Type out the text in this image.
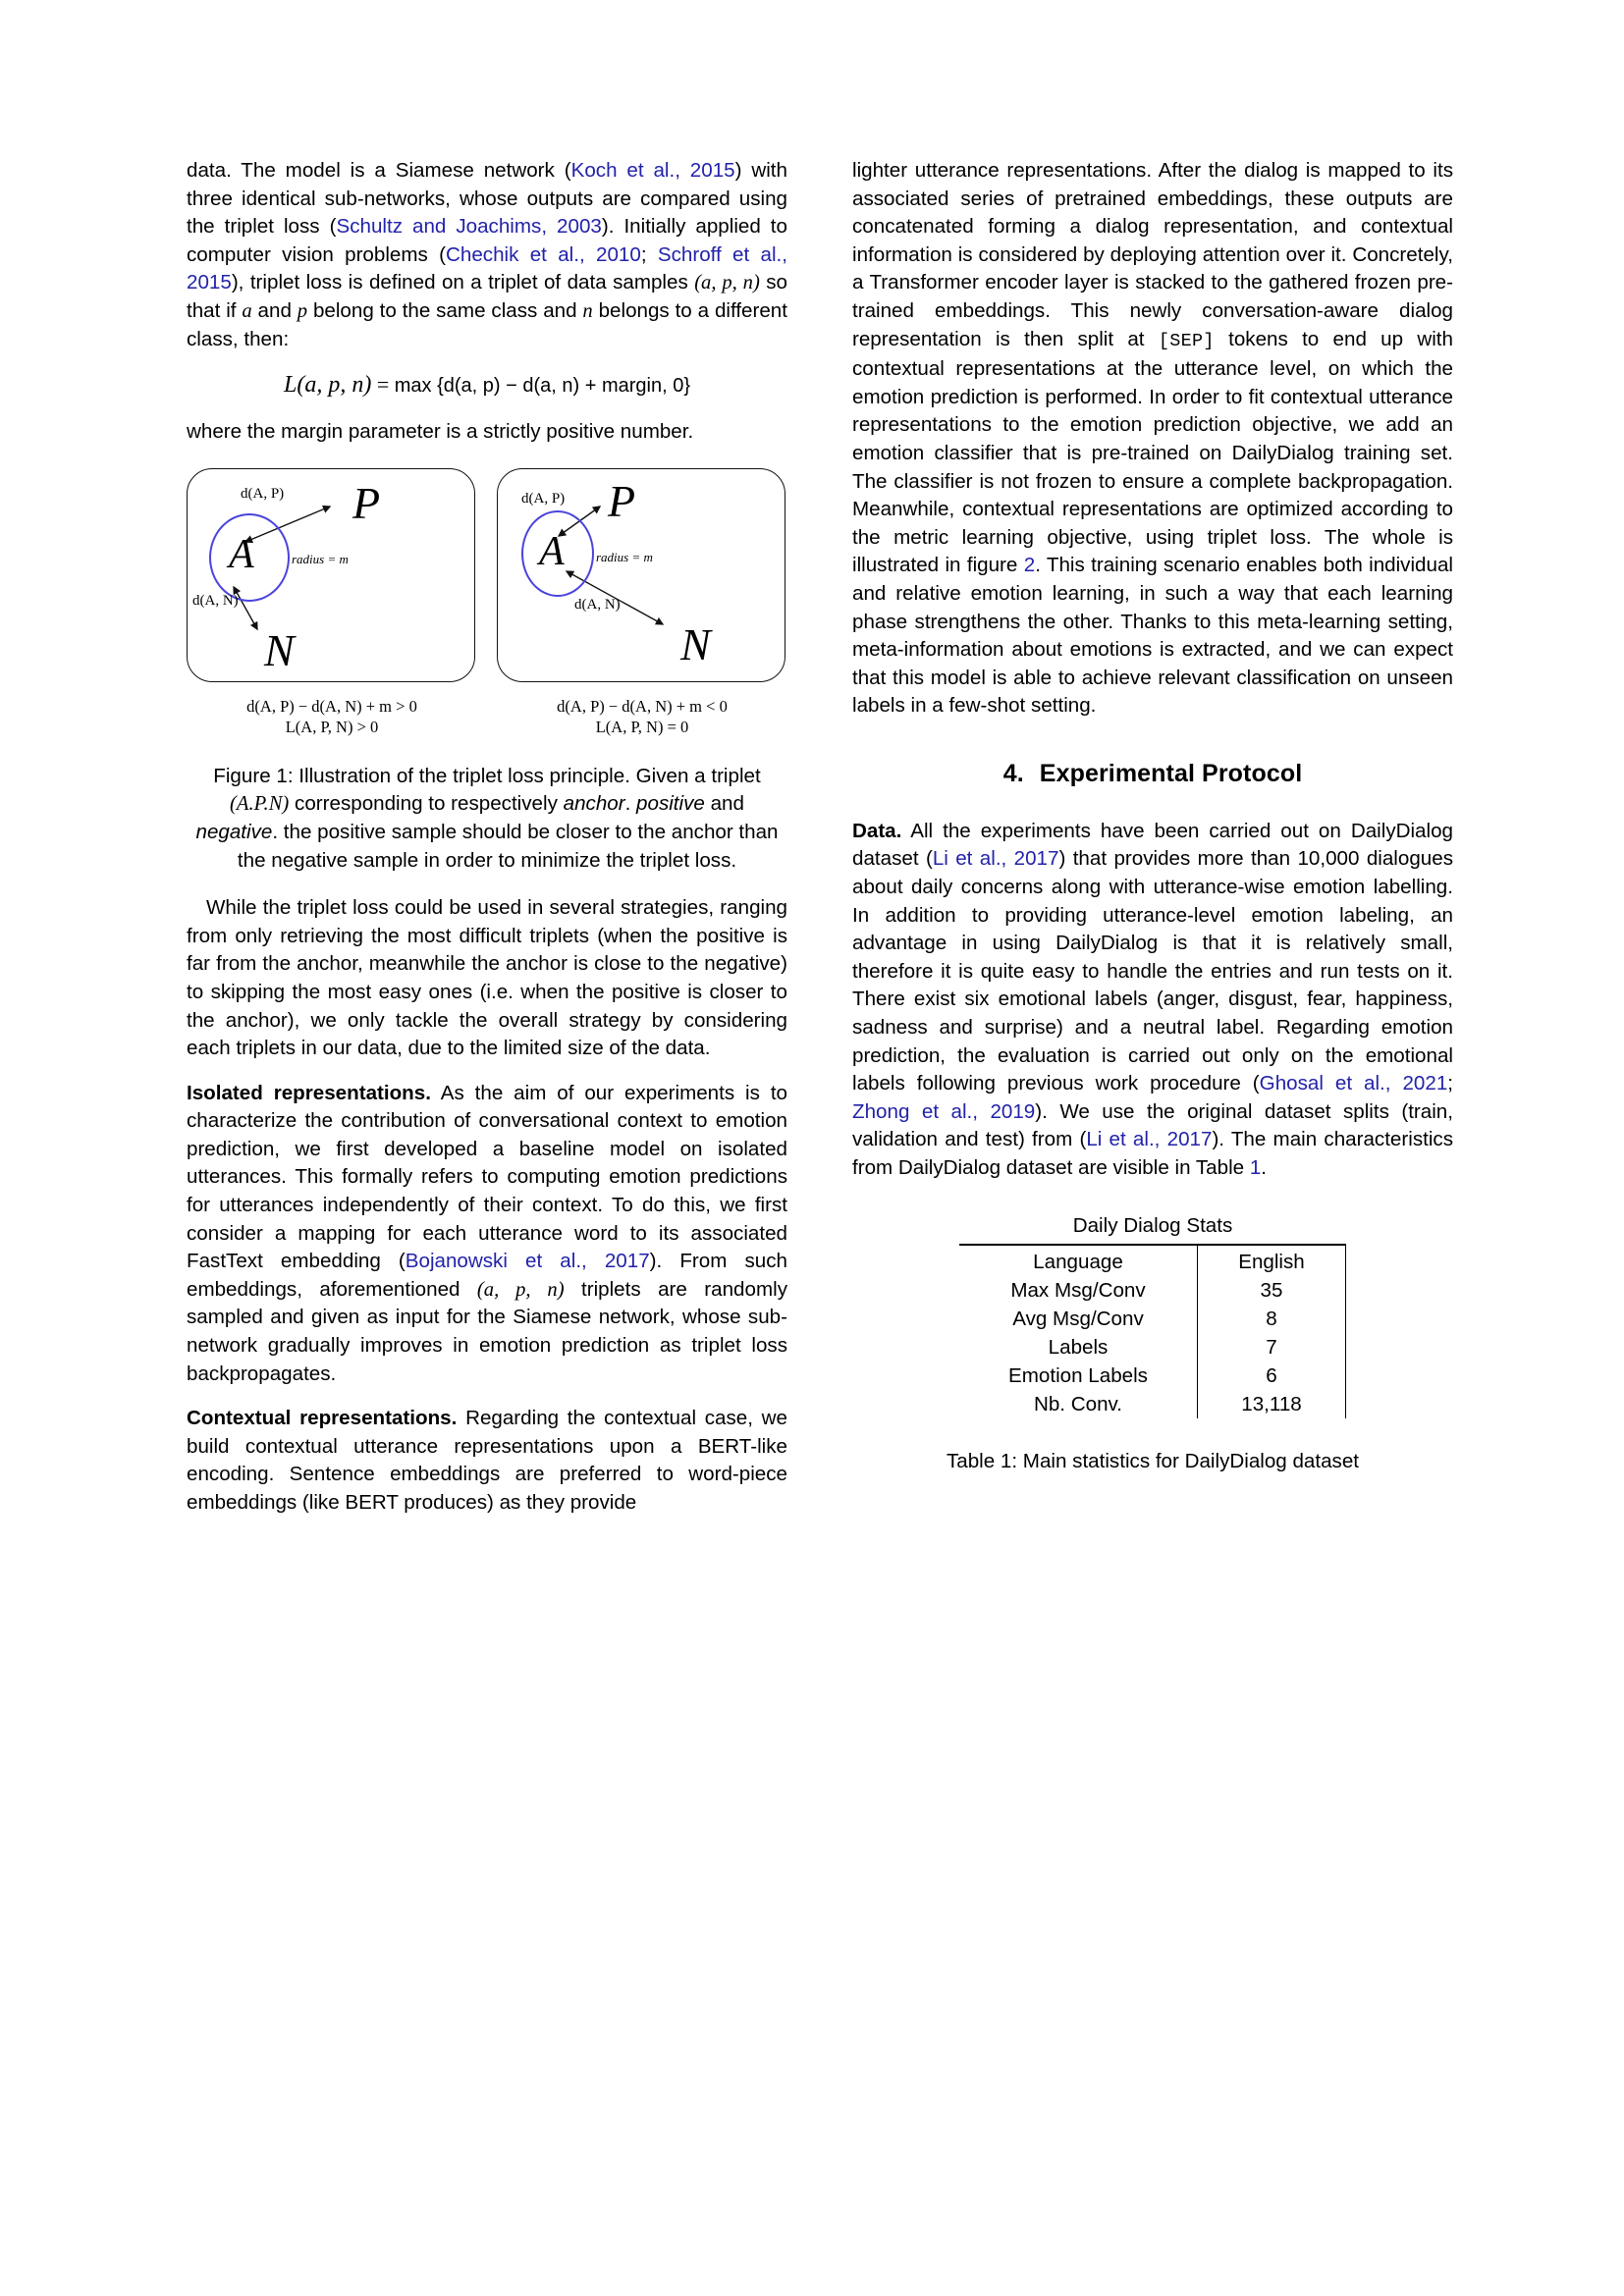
data. The model is a Siamese network (Koch et al., 2015) with three identical sub-networks, whose outputs are compared using the triplet loss (Schultz and Joachims, 2003). Initially applied to computer vision problems (Chechik et al., 2010; Schroff et al., 2015), triplet loss is defined on a triplet of data samples (a, p, n) so that if a and p belong to the same class and n belongs to a different class, then:

L(a, p, n) = max {d(a, p) − d(a, n) + margin, 0}

where the margin parameter is a strictly positive number.

A
P
N
d(A, P)
d(A, N)
radius = m
d(A, P) − d(A, N) + m > 0
L(A, P, N) > 0
A
P
N
d(A, P)
d(A, N)
radius = m
d(A, P) − d(A, N) + m < 0
L(A, P, N) = 0
Figure 1: Illustration of the triplet loss principle. Given a triplet (A.P.N) corresponding to respectively anchor. positive and negative. the positive sample should be closer to the anchor than the negative sample in order to minimize the triplet loss.

While the triplet loss could be used in several strategies, ranging from only retrieving the most difficult triplets (when the positive is far from the anchor, meanwhile the anchor is close to the negative) to skipping the most easy ones (i.e. when the positive is closer to the anchor), we only tackle the overall strategy by considering each triplets in our data, due to the limited size of the data.

Isolated representations. As the aim of our experiments is to characterize the contribution of conversational context to emotion prediction, we first developed a baseline model on isolated utterances. This formally refers to computing emotion predictions for utterances independently of their context. To do this, we first consider a mapping for each utterance word to its associated FastText embedding (Bojanowski et al., 2017). From such embeddings, aforementioned (a, p, n) triplets are randomly sampled and given as input for the Siamese network, whose sub-network gradually improves in emotion prediction as triplet loss backpropagates.

Contextual representations. Regarding the contextual case, we build contextual utterance representations upon a BERT-like encoding. Sentence embeddings are preferred to word-piece embeddings (like BERT produces) as they provide

lighter utterance representations. After the dialog is mapped to its associated series of pretrained embeddings, these outputs are concatenated forming a dialog representation, and contextual information is considered by deploying attention over it. Concretely, a Transformer encoder layer is stacked to the gathered frozen pre-trained embeddings. This newly conversation-aware dialog representation is then split at [SEP] tokens to end up with contextual representations at the utterance level, on which the emotion prediction is performed. In order to fit contextual utterance representations to the emotion prediction objective, we add an emotion classifier that is pre-trained on DailyDialog training set. The classifier is not frozen to ensure a complete backpropagation. Meanwhile, contextual representations are optimized according to the metric learning objective, using triplet loss. The whole is illustrated in figure 2. This training scenario enables both individual and relative emotion learning, in such a way that each learning phase strengthens the other. Thanks to this meta-learning setting, meta-information about emotions is extracted, and we can expect that this model is able to achieve relevant classification on unseen labels in a few-shot setting.

4. Experimental Protocol

Data. All the experiments have been carried out on DailyDialog dataset (Li et al., 2017) that provides more than 10,000 dialogues about daily concerns along with utterance-wise emotion labelling. In addition to providing utterance-level emotion labeling, an advantage in using DailyDialog is that it is relatively small, therefore it is quite easy to handle the entries and run tests on it. There exist six emotional labels (anger, disgust, fear, happiness, sadness and surprise) and a neutral label. Regarding emotion prediction, the evaluation is carried out only on the emotional labels following previous work procedure (Ghosal et al., 2021; Zhong et al., 2019). We use the original dataset splits (train, validation and test) from (Li et al., 2017). The main characteristics from DailyDialog dataset are visible in Table 1.

Daily Dialog Stats
Language	English
Max Msg/Conv	35
Avg Msg/Conv	8
Labels	7
Emotion Labels	6
Nb. Conv.	13,118
Table 1: Main statistics for DailyDialog dataset
